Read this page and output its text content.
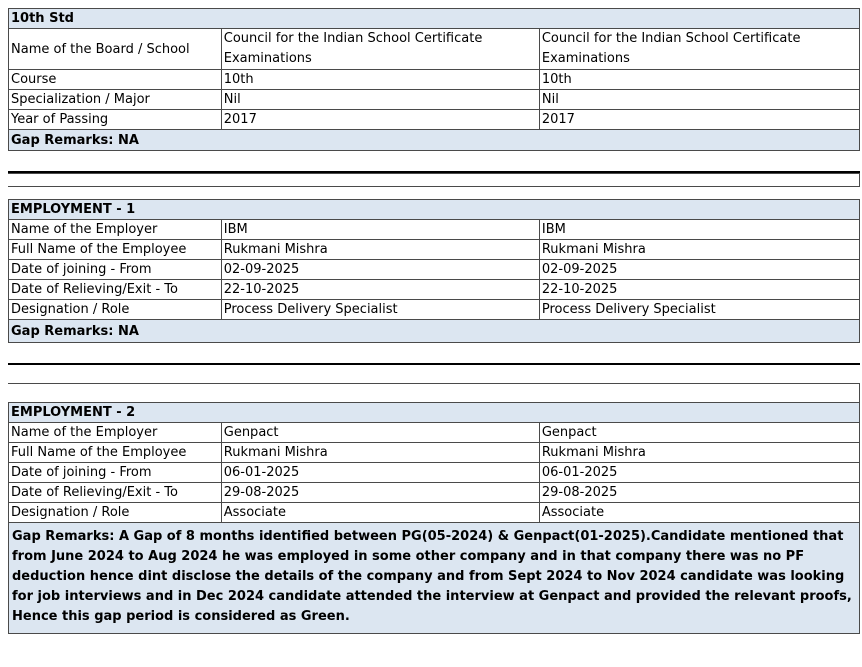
10th Std		
Name of the Board / School	Council for the Indian School Certificate Examinations	Council for the Indian School Certificate Examinations
Course	10th	10th
Specialization / Major	Nil	Nil
Year of Passing	2017	2017
Gap Remarks: NA		
EMPLOYMENT - 1		
Name of the Employer	IBM	IBM
Full Name of the Employee	Rukmani Mishra	Rukmani Mishra
Date of joining - From	02-09-2025	02-09-2025
Date of Relieving/Exit - To	22-10-2025	22-10-2025
Designation / Role	Process Delivery Specialist	Process Delivery Specialist
Gap Remarks: NA		
EMPLOYMENT - 2		
Name of the Employer	Genpact	Genpact
Full Name of the Employee	Rukmani Mishra	Rukmani Mishra
Date of joining - From	06-01-2025	06-01-2025
Date of Relieving/Exit - To	29-08-2025	29-08-2025
Designation / Role	Associate	Associate
Gap Remarks: A Gap of 8 months identified between PG(05-2024) & Genpact(01-2025).Candidate mentioned that from June 2024 to Aug 2024 he was employed in some other company and in that company there was no PF deduction hence dint disclose the details of the company and from Sept 2024 to Nov 2024 candidate was looking for job interviews and in Dec 2024 candidate attended the interview at Genpact and provided the relevant proofs, Hence this gap period is considered as Green.		
